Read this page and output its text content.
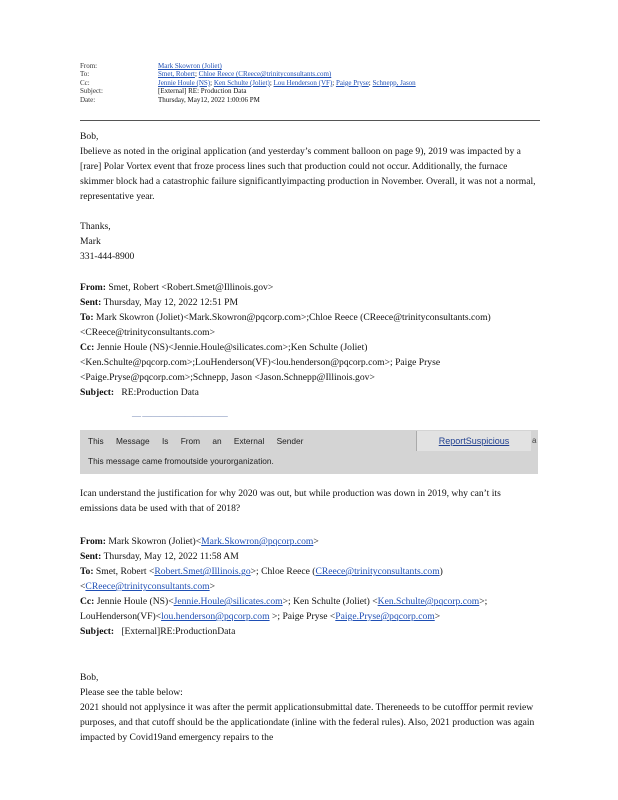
From:	Mark Skowron (Joliet)
To:	Smet, Robert; Chloe Reece (CReece@trinityconsultants.com)
Cc:	Jennie Houle (NS); Ken Schulte (Joliet); Lou Henderson (VF); Paige Pryse; Schnepp, Jason
Subject:	[External] RE: Production Data
Date:	Thursday, May12, 2022 1:00:06 PM

Bob,

Ibelieve as noted in the original application (and yesterday’s comment balloon on page 9), 2019 was impacted by a [rare] Polar Vortex event that froze process lines such that production could not occur. Additionally, the furnace skimmer block had a catastrophic failure significantlyimpacting production in November. Overall, it was not a normal, representative year.

Thanks,

Mark

331-444-8900

From: Smet, Robert <Robert.Smet@Illinois.gov>

Sent: Thursday, May 12, 2022 12:51 PM

To: Mark Skowron (Joliet)<Mark.Skowron@pqcorp.com>;Chloe Reece (CReece@trinityconsultants.com)<CReece@trinityconsultants.com>

Cc: Jennie Houle (NS)<Jennie.Houle@silicates.com>;Ken Schulte (Joliet) <Ken.Schulte@pqcorp.com>;LouHenderson(VF)<lou.henderson@pqcorp.com>; Paige Pryse <Paige.Pryse@pqcorp.com>;Schnepp, Jason <Jason.Schnepp@Illinois.gov>

Subject: RE:Production Data

— ——————————
This Message Is From an External Sender
This message came fromoutside yourorganization.
ReportSuspicious	a

Ican understand the justification for why 2020 was out, but while production was down in 2019, why can’t its emissions data be used with that of 2018?

From: Mark Skowron (Joliet)<Mark.Skowron@pqcorp.com>

Sent: Thursday, May 12, 2022 11:58 AM

To: Smet, Robert <Robert.Smet@Illinois.go>; Chloe Reece (CReece@trinityconsultants.com) <CReece@trinityconsultants.com>

Cc: Jennie Houle (NS)<Jennie.Houle@silicates.com>; Ken Schulte (Joliet) <Ken.Schulte@pqcorp.com>; LouHenderson(VF)<lou.henderson@pqcorp.com >; Paige Pryse <Paige.Pryse@pqcorp.com>

Subject: [External]RE:ProductionData

Bob,

Please see the table below:

2021 should not applysince it was after the permit applicationsubmittal date. Thereneeds to be cutofffor permit review purposes, and that cutoff should be the applicationdate (inline with the federal rules). Also, 2021 production was again impacted by Covid19and emergency repairs to the
